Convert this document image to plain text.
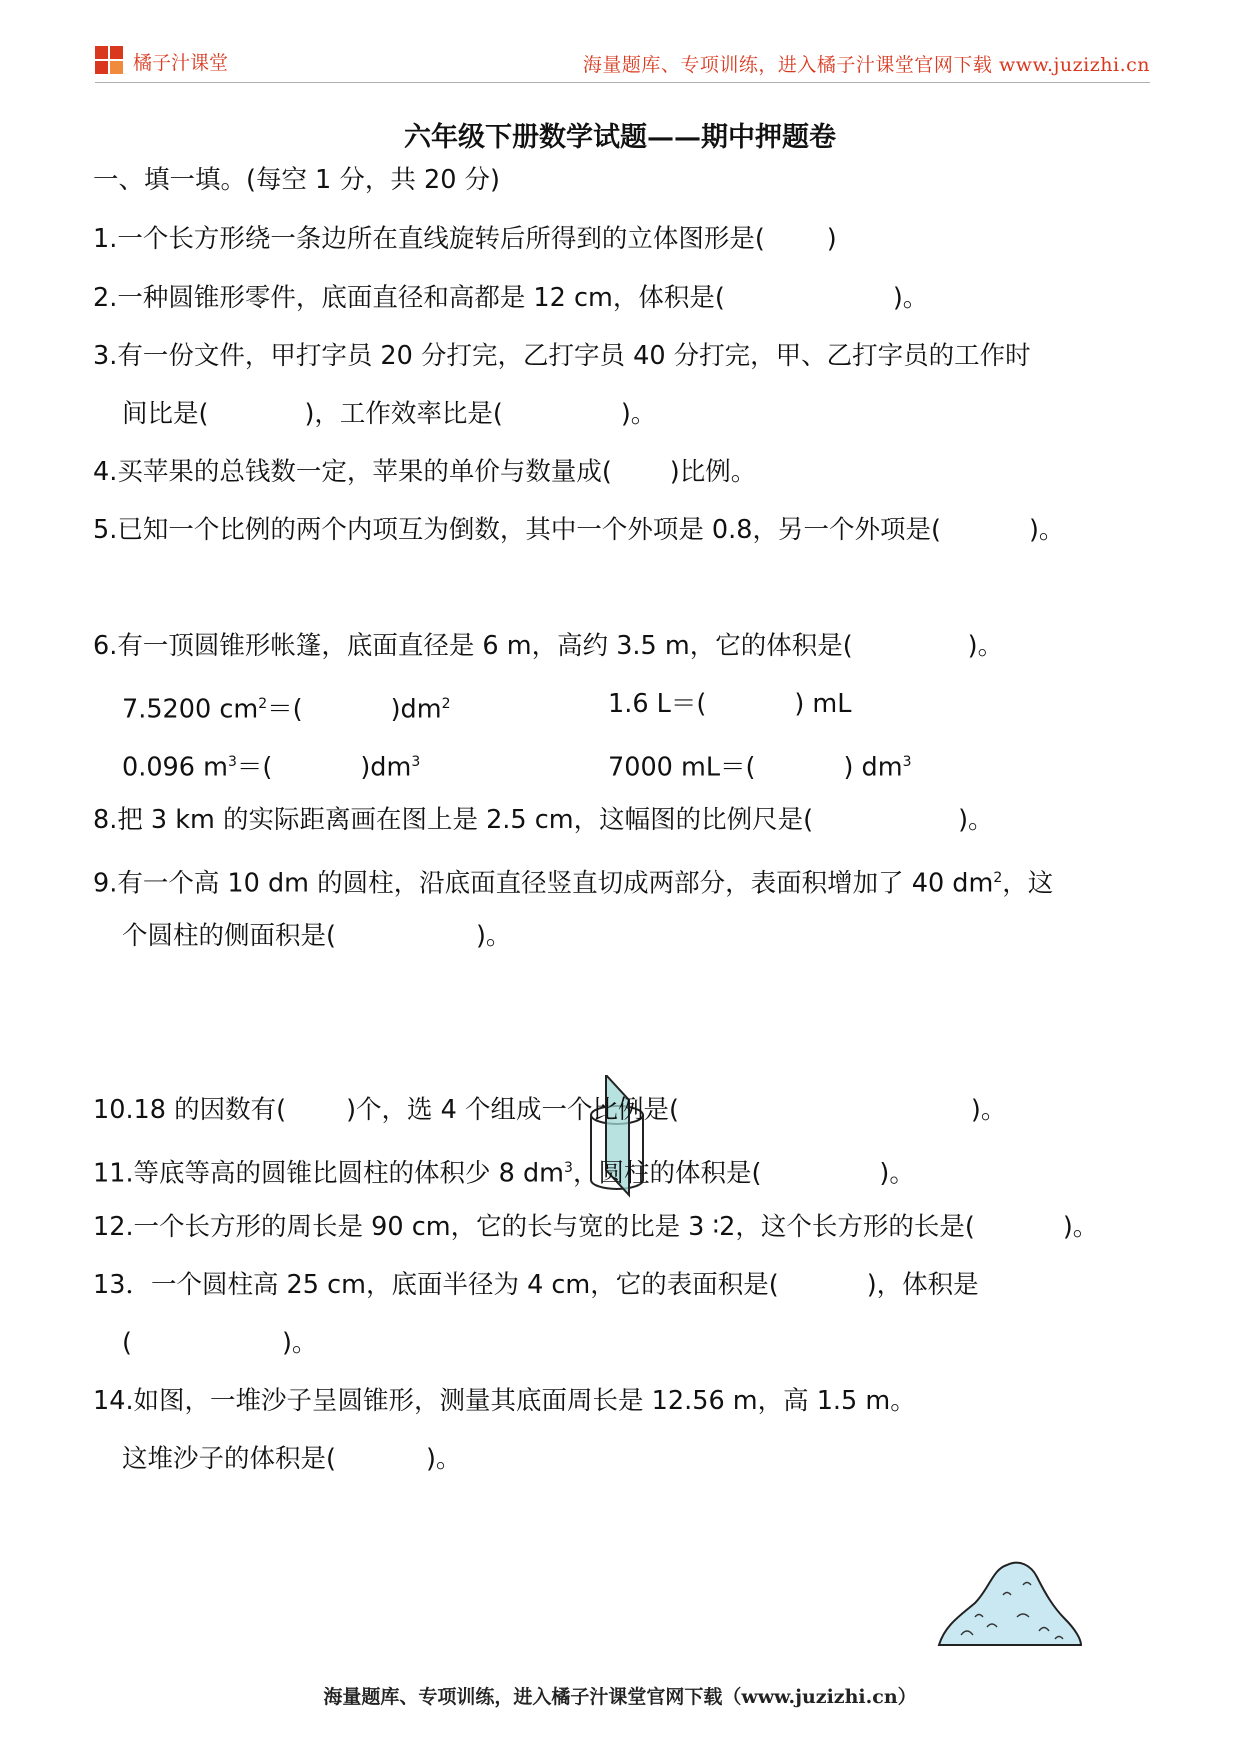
橘子汁课堂	海量题库、专项训练，进入橘子汁课堂官网下载 www.juzizhi.cn
六年级下册数学试题——期中押题卷
一、填一填。(每空 1 分，共 20 分)
1.一个长方形绕一条边所在直线旋转后所得到的立体图形是( )
2.一种圆锥形零件，底面直径和高都是 12 cm，体积是(	)。
3.有一份文件，甲打字员 20 分打完，乙打字员 40 分打完，甲、乙打字员的工作时
间比是(	)，工作效率比是(	)。
4.买苹果的总钱数一定，苹果的单价与数量成( )比例。
5.已知一个比例的两个内项互为倒数，其中一个外项是 0.8，另一个外项是(	)。
6.有一顶圆锥形帐篷，底面直径是 6 m，高约 3.5 m，它的体积是(	)。
7.5200 $cm^2=$(	)$dm^2$	1.6 L＝(	) mL
0.096 $m^3=$(	)$dm^3$	7000 mL＝(	) $dm^3$
8.把 3 km 的实际距离画在图上是 2.5 cm，这幅图的比例尺是(	)。
9.有一个高 10 dm 的圆柱，沿底面直径竖直切成两部分，表面积增加了 40 $dm^2$，这
个圆柱的侧面积是(	)。
10.18 的因数有( )个，选 4 个组成一个比例是(	)。
11.等底等高的圆锥比圆柱的体积少 8 $dm^3$，圆柱的体积是(	)。
12.一个长方形的周长是 90 cm，它的长与宽的比是 3 ∶2，这个长方形的长是(	)。
13．一个圆柱高 25 cm，底面半径为 4 cm，它的表面积是(	)，体积是
(	)。
14.如图，一堆沙子呈圆锥形，测量其底面周长是 12.56 m，高 1.5 m。
这堆沙子的体积是(	)。
海量题库、专项训练，进入橘子汁课堂官网下载（www.juzizhi.cn）
